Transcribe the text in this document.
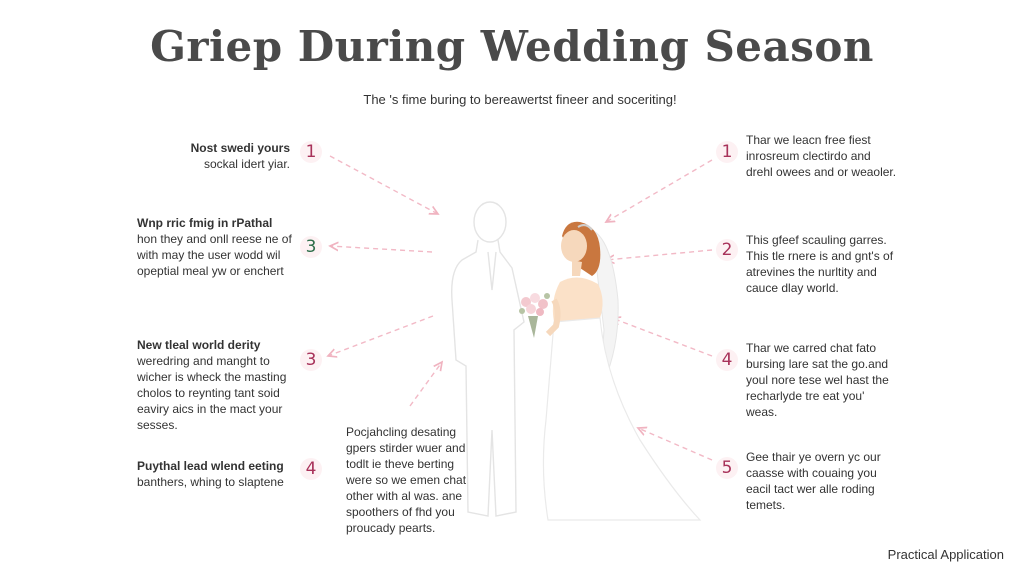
Griep During Wedding Season
The 's fime buring to bereawertst fineer and soceriting!
Nost swedi yours
sockal idert yiar.
1
Wnp rric fmig in rPathal
hon they and onll reese ne of
with may the user wodd wil
opeptial meal yw or enchert
3
New tleal world derity
weredring and manght to
wicher is wheck the masting
cholos to reynting tant soid
eaviry aics in the mact your
sesses.
3
Puythal lead wlend eeting
banthers, whing to slaptene
4
Pocjahcling desating
gpers stirder wuer and
todlt ie theve berting
were so we emen chat
other with al was. ane
spoothers of fhd you
proucady pearts.
1
Thar we leacn free fiest
inrosreum clectirdo and
drehl owees and or weaoler.
2	This gfeef scauling garres.
This tle rnere is and gnt's of
atrevines the nurltity and
cauce dlay world.
4
Thar we carred chat fato
bursing lare sat the go.and
youl nore tese wel hast the
recharlyde tre eat you'
weas.
5
Gee thair ye overn yc our
caasse with couaing you
eacil tact wer alle roding
temets.
Practical Application
